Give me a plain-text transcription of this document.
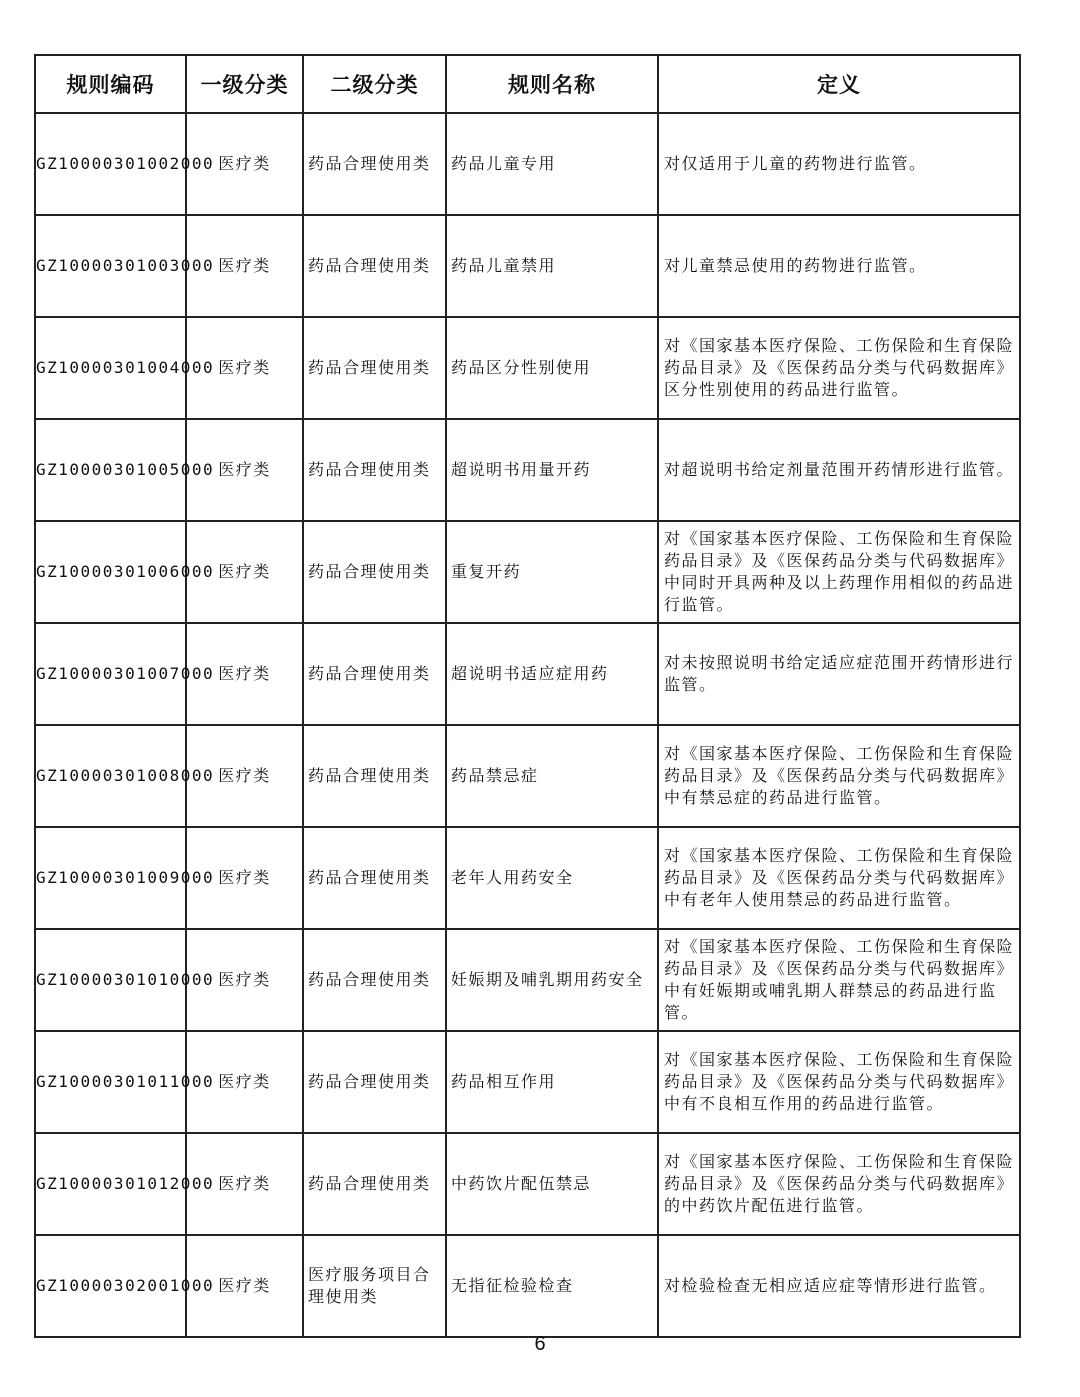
规则编码	一级分类	二级分类	规则名称	定义
GZ10000301002000	医疗类	药品合理使用类	药品儿童专用	对仅适用于儿童的药物进行监管。
GZ10000301003000	医疗类	药品合理使用类	药品儿童禁用	对儿童禁忌使用的药物进行监管。
GZ10000301004000	医疗类	药品合理使用类	药品区分性别使用	对《国家基本医疗保险、工伤保险和生育保险药品目录》及《医保药品分类与代码数据库》区分性别使用的药品进行监管。
GZ10000301005000	医疗类	药品合理使用类	超说明书用量开药	对超说明书给定剂量范围开药情形进行监管。
GZ10000301006000	医疗类	药品合理使用类	重复开药	对《国家基本医疗保险、工伤保险和生育保险药品目录》及《医保药品分类与代码数据库》中同时开具两种及以上药理作用相似的药品进行监管。
GZ10000301007000	医疗类	药品合理使用类	超说明书适应症用药	对未按照说明书给定适应症范围开药情形进行监管。
GZ10000301008000	医疗类	药品合理使用类	药品禁忌症	对《国家基本医疗保险、工伤保险和生育保险药品目录》及《医保药品分类与代码数据库》中有禁忌症的药品进行监管。
GZ10000301009000	医疗类	药品合理使用类	老年人用药安全	对《国家基本医疗保险、工伤保险和生育保险药品目录》及《医保药品分类与代码数据库》中有老年人使用禁忌的药品进行监管。
GZ10000301010000	医疗类	药品合理使用类	妊娠期及哺乳期用药安全	对《国家基本医疗保险、工伤保险和生育保险药品目录》及《医保药品分类与代码数据库》中有妊娠期或哺乳期人群禁忌的药品进行监管。
GZ10000301011000	医疗类	药品合理使用类	药品相互作用	对《国家基本医疗保险、工伤保险和生育保险药品目录》及《医保药品分类与代码数据库》中有不良相互作用的药品进行监管。
GZ10000301012000	医疗类	药品合理使用类	中药饮片配伍禁忌	对《国家基本医疗保险、工伤保险和生育保险药品目录》及《医保药品分类与代码数据库》的中药饮片配伍进行监管。
GZ10000302001000	医疗类	医疗服务项目合理使用类	无指征检验检查	对检验检查无相应适应症等情形进行监管。
6
